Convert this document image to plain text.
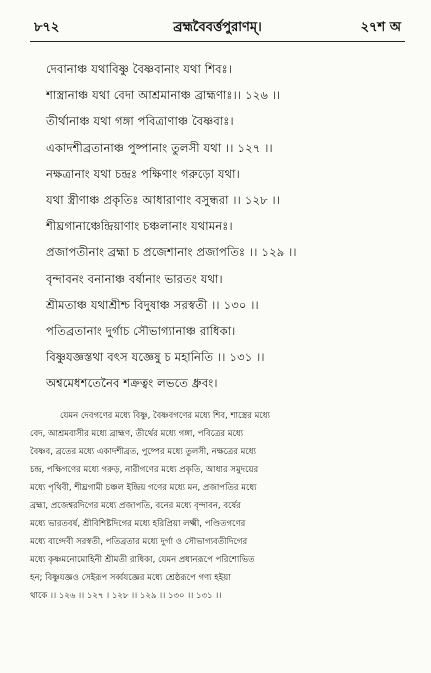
৮৭২	ব্রহ্মবৈবর্ত্তপুরাণম্।	২৭শ অ
দেবানাঞ্চ যথাবিষ্ণু বৈষ্ণবানাং যথা শিবঃ।
শাস্ত্রানাঞ্চ যথা বেদা আশ্রমানাঞ্চ ব্রাহ্মণাঃ।। ১২৬ ।।
তীর্থানাঞ্চ যথা গঙ্গা পবিত্রাণাঞ্চ বৈষ্ণবাঃ।
একাদশীব্রতানাঞ্চ পুষ্পানাং তুলসী যথা ।। ১২৭ ।।
নক্ষত্রানাং যথা চন্দ্রঃ পক্ষিণাং গরুড়ো যথা।
যথা স্ত্রীণাঞ্চ প্রকৃতিঃ আধারাণাং বসুন্ধরা ।। ১২৮ ।।
শীঘ্রগানাঞ্চেন্দ্রিয়াণাং চঞ্চলানাং যথামনঃ।
প্রজাপতীনাং ব্রহ্মা চ প্রজেশানাং প্রজাপতিঃ ।। ১২৯ ।।
বৃন্দাবনং বনানাঞ্চ বর্ষানাং ভারতং যথা।
শ্রীমতাঞ্চ যথাশ্রীশ্চ বিদুষাঞ্চ সরস্বতী ।। ১৩০ ।।
পতিব্রতানাং দুর্গাচ সৌভাগ্যানাঞ্চ রাধিকা।
বিষ্ণুযজ্ঞস্তথা বৎস যজ্ঞেষু চ মহানিতি ।। ১৩১ ।।
অশ্বমেধশতেনৈব শক্রত্বং লভতে ধ্রুবং।
যেমন দেবগণের মধ্যে বিষ্ণু, বৈষ্ণবগণের মধ্যে শিব, শাস্ত্রের মধ্যে
বেদ, আশ্রমবাসীর মধ্যে ব্রাহ্মণ, তীর্থের মধ্যে গঙ্গা, পবিত্রের মধ্যে
বৈষ্ণব, ব্রতের মধ্যে একাদশীব্রত, পুষ্পের মধ্যে তুলসী, নক্ষত্রের মধ্যে
চন্দ্র, পক্ষিগণের মধ্যে গরুড়, নারীগণের মধ্যে প্রকৃতি, আধার সমুদয়ের
মধ্যে পৃথিবী, শীঘ্রগামী চঞ্চল ইন্দ্রিয় গণের মধ্যে মন, প্রজাপতির মধ্যে
ব্রহ্মা, প্রজেশ্বরদিগের মধ্যে প্রজাপতি, বনের মধ্যে বৃন্দাবন, বর্ষের
মধ্যে ভারতবর্ষ, শ্রীবিশিষ্টদিগের মধ্যে হরিপ্রিয়া লক্ষ্মী, পণ্ডিতগণের
মধ্যে বাগ্দেবী সরস্বতী, পতিব্রতার মধ্যে দুর্গা ও সৌভাগ্যবতীদিগের
মধ্যে কৃষ্ণমনোমোহিনী শ্রীমতী রাধিকা, যেমন প্রধানরূপে পরিশোভিত
হন; বিষ্ণুযজ্ঞও সেইরূপ সর্ব্বযজ্ঞের মধ্যে শ্রেষ্ঠরূপে গণ্য হইয়া
থাকে ।। ১২৬ ।। ১২৭ । ১২৮ ।। ১২৯ ।। ১৩০ ।। ১৩১ ।।
